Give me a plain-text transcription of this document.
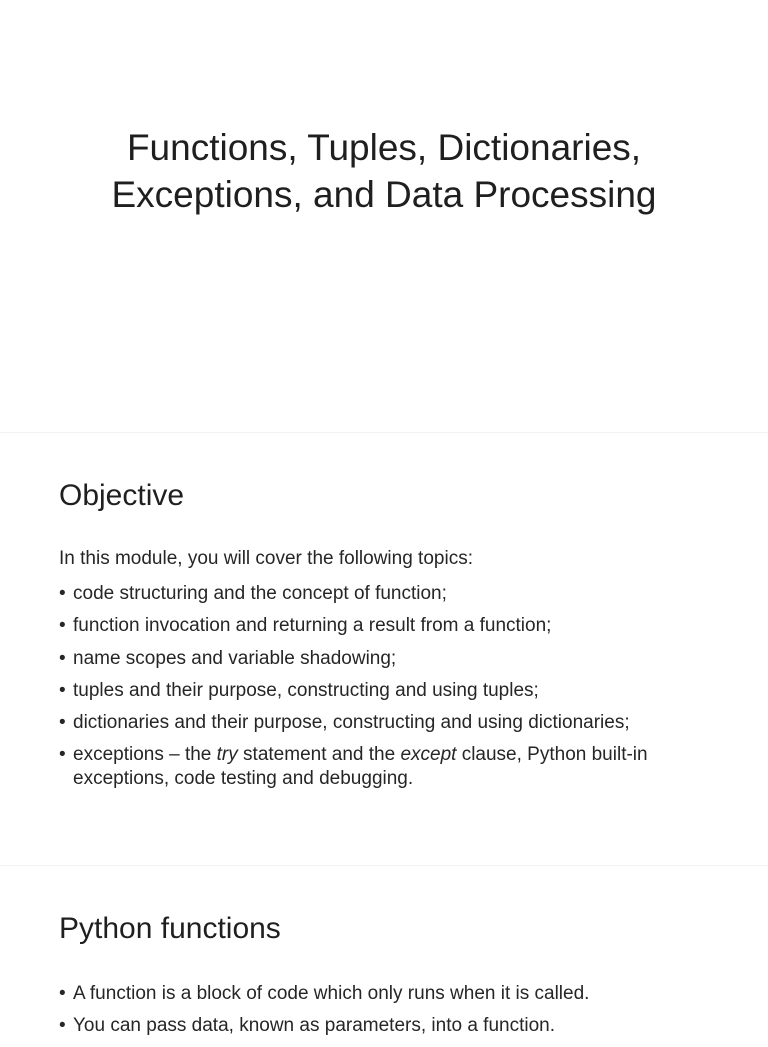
Functions, Tuples, Dictionaries,
Exceptions, and Data Processing
Objective

In this module, you will cover the following topics:

• code structuring and the concept of function;
• function invocation and returning a result from a function;
• name scopes and variable shadowing;
• tuples and their purpose, constructing and using tuples;
• dictionaries and their purpose, constructing and using dictionaries;
• exceptions – the try statement and the except clause, Python built-in exceptions, code testing and debugging.
Python functions
• A function is a block of code which only runs when it is called.
• You can pass data, known as parameters, into a function.
